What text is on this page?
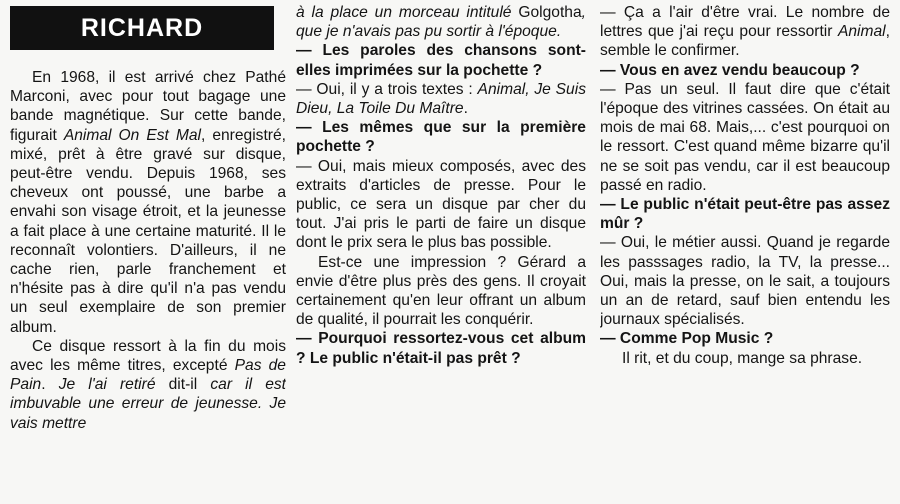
RICHARD

En 1968, il est arrivé chez Pathé Marconi, avec pour tout bagage une bande magnétique. Sur cette bande, figurait Animal On Est Mal, enregistré, mixé, prêt à être gravé sur disque, peut-être vendu. Depuis 1968, ses cheveux ont poussé, une barbe a envahi son visage étroit, et la jeunesse a fait place à une certaine maturité. Il le reconnaît volontiers. D'ailleurs, il ne cache rien, parle franchement et n'hésite pas à dire qu'il n'a pas vendu un seul exemplaire de son premier album.

Ce disque ressort à la fin du mois avec les même titres, excepté Pas de Pain. Je l'ai retiré dit-il car il est imbuvable une erreur de jeunesse. Je vais mettre

à la place un morceau intitulé Golgotha, que je n'avais pas pu sortir à l'époque.

— Les paroles des chansons sont-elles imprimées sur la pochette ?

— Oui, il y a trois textes : Animal, Je Suis Dieu, La Toile Du Maître.

— Les mêmes que sur la première pochette ?

— Oui, mais mieux composés, avec des extraits d'articles de presse. Pour le public, ce sera un disque par cher du tout. J'ai pris le parti de faire un disque dont le prix sera le plus bas possible.

Est-ce une impression ? Gérard a envie d'être plus près des gens. Il croyait certainement qu'en leur offrant un album de qualité, il pourrait les conquérir.

— Pourquoi ressortez-vous cet album ? Le public n'était-il pas prêt ?

— Ça a l'air d'être vrai. Le nombre de lettres que j'ai reçu pour ressortir Animal, semble le confirmer.

— Vous en avez vendu beaucoup ?

— Pas un seul. Il faut dire que c'était l'époque des vitrines cassées. On était au mois de mai 68. Mais,... c'est pourquoi on le ressort. C'est quand même bizarre qu'il ne se soit pas vendu, car il est beaucoup passé en radio.

— Le public n'était peut-être pas assez mûr ?

— Oui, le métier aussi. Quand je regarde les passsages radio, la TV, la presse... Oui, mais la presse, on le sait, a toujours un an de retard, sauf bien entendu les journaux spécialisés.

— Comme Pop Music ?

Il rit, et du coup, mange sa phrase.
